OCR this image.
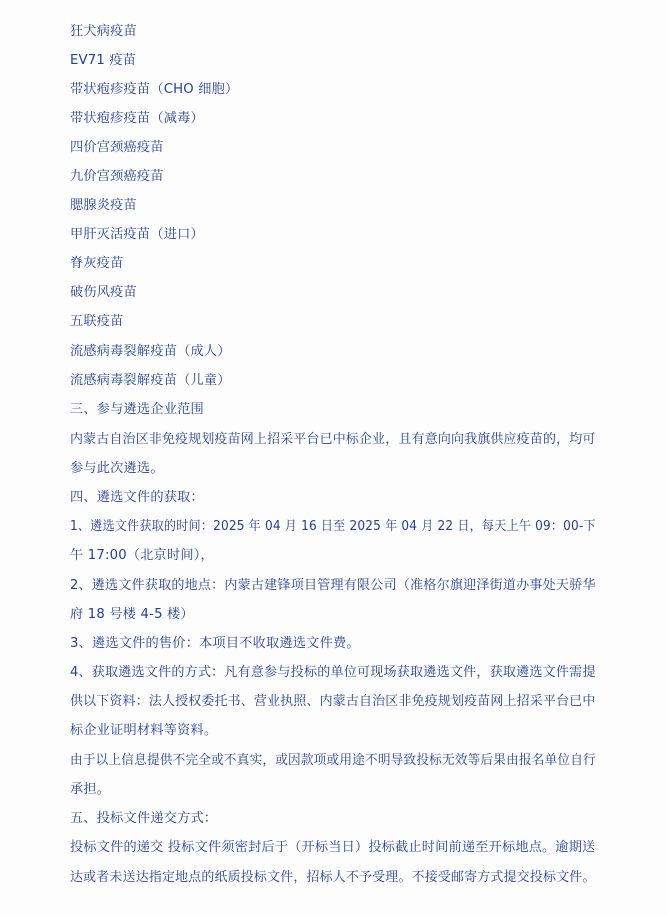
狂犬病疫苗
EV71 疫苗
带状疱疹疫苗（CHO 细胞）
带状疱疹疫苗（减毒）
四价宫颈癌疫苗
九价宫颈癌疫苗
腮腺炎疫苗
甲肝灭活疫苗（进口）
脊灰疫苗
破伤风疫苗
五联疫苗
流感病毒裂解疫苗（成人）
流感病毒裂解疫苗（儿童）
三、参与遴选企业范围
内蒙古自治区非免疫规划疫苗网上招采平台已中标企业，且有意向向我旗供应疫苗的，均可
参与此次遴选。
四、遴选文件的获取：
1、遴选文件获取的时间：2025 年 04 月 16 日至 2025 年 04 月 22 日，每天上午 09：00-下
午 17:00（北京时间），
2、遴选文件获取的地点：内蒙古建锋项目管理有限公司（准格尔旗迎泽街道办事处天骄华
府 18 号楼 4-5 楼）
3、遴选文件的售价：本项目不收取遴选文件费。
4、获取遴选文件的方式：凡有意参与投标的单位可现场获取遴选文件，获取遴选文件需提
供以下资料：法人授权委托书、营业执照、内蒙古自治区非免疫规划疫苗网上招采平台已中
标企业证明材料等资料。
由于以上信息提供不完全或不真实，或因款项或用途不明导致投标无效等后果由报名单位自行
承担。
五、投标文件递交方式：
投标文件的递交 投标文件须密封后于（开标当日）投标截止时间前递至开标地点。逾期送
达或者未送达指定地点的纸质投标文件，招标人不予受理。不接受邮寄方式提交投标文件。
